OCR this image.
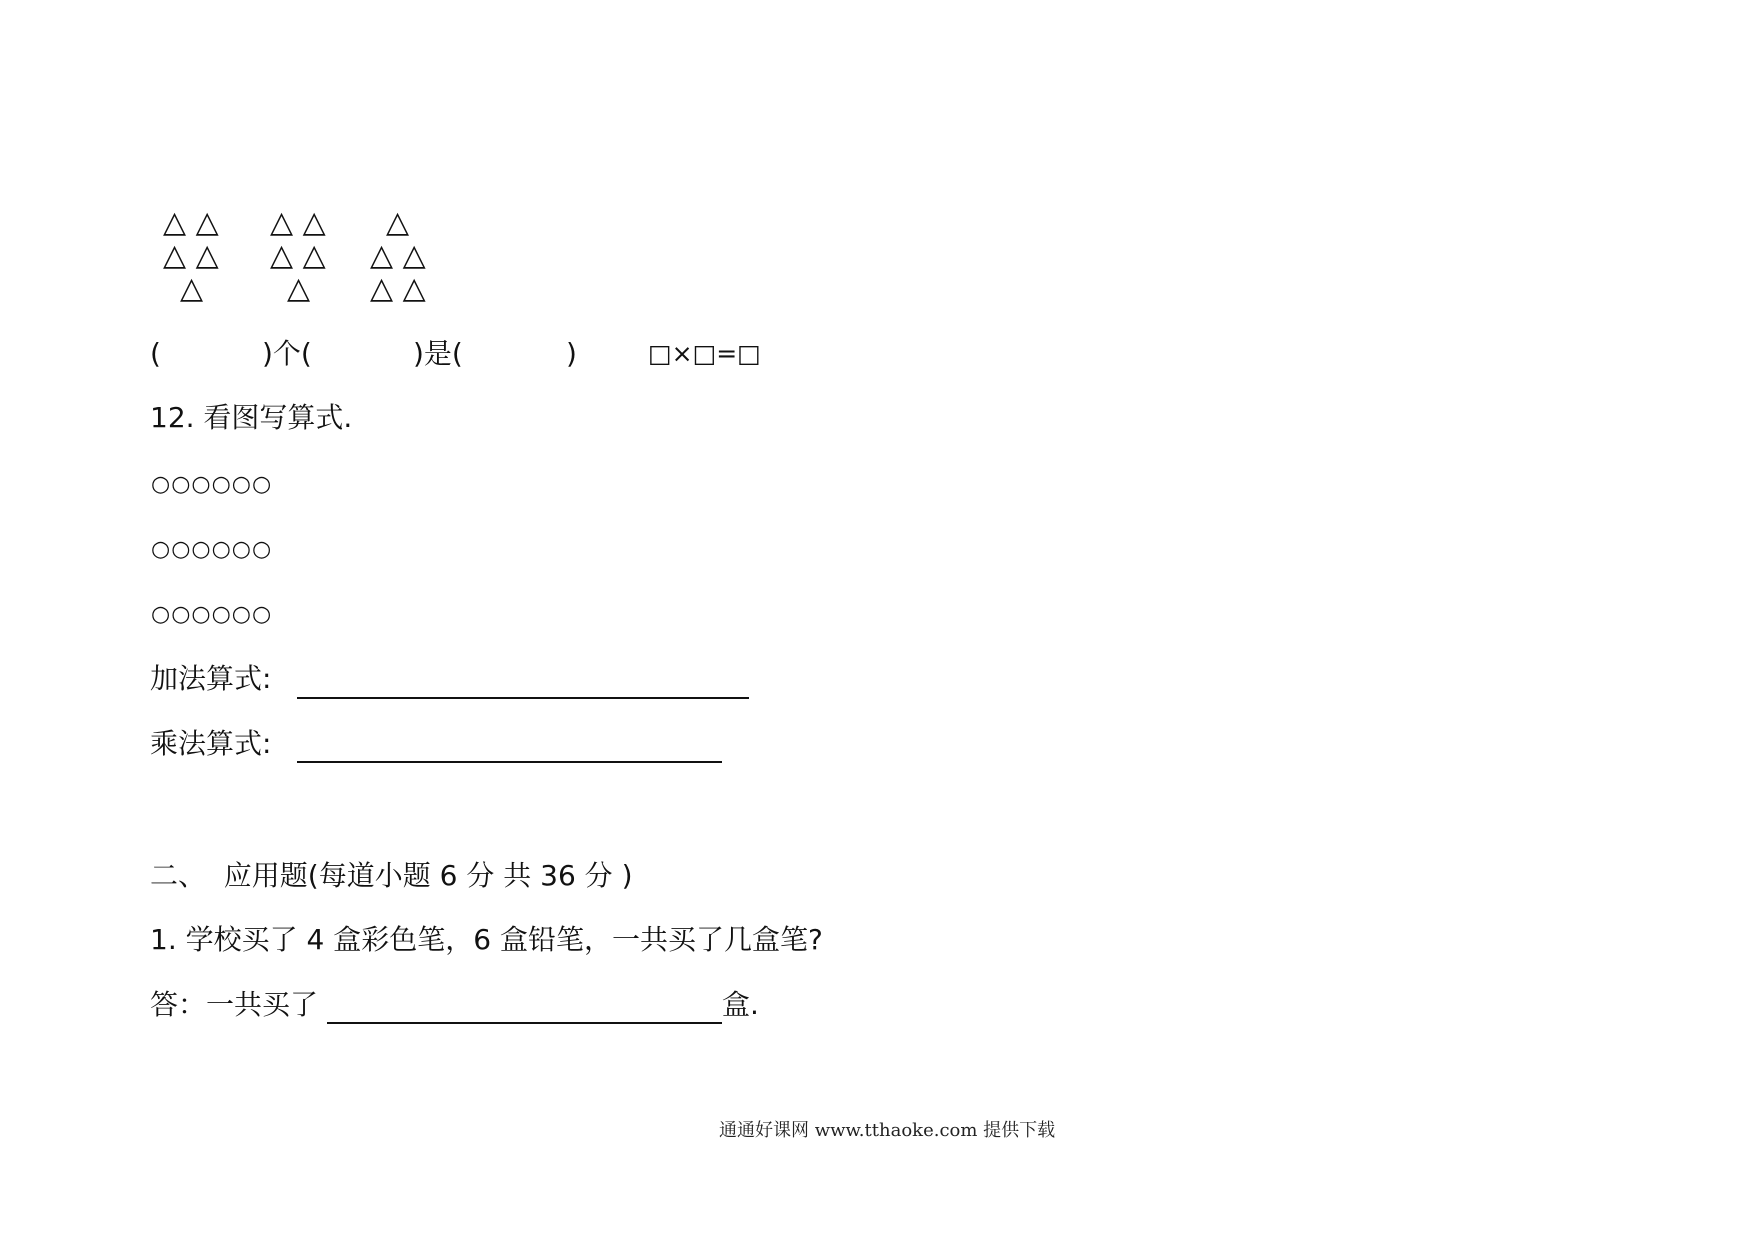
△ △
△ △
△
△ △
△ △
△
△
△ △
△ △
(	)个(	)是(	)	□×□=□
12. 看图写算式.
○○○○○○
○○○○○○
○○○○○○
加法算式:
乘法算式:
二、  应用题(每道小题 6 分 共 36 分 )
1. 学校买了 4 盒彩色笔，6 盒铅笔，一共买了几盒笔?
答：一共买了	盒.
通通好课网 www.tthaoke.com 提供下载
